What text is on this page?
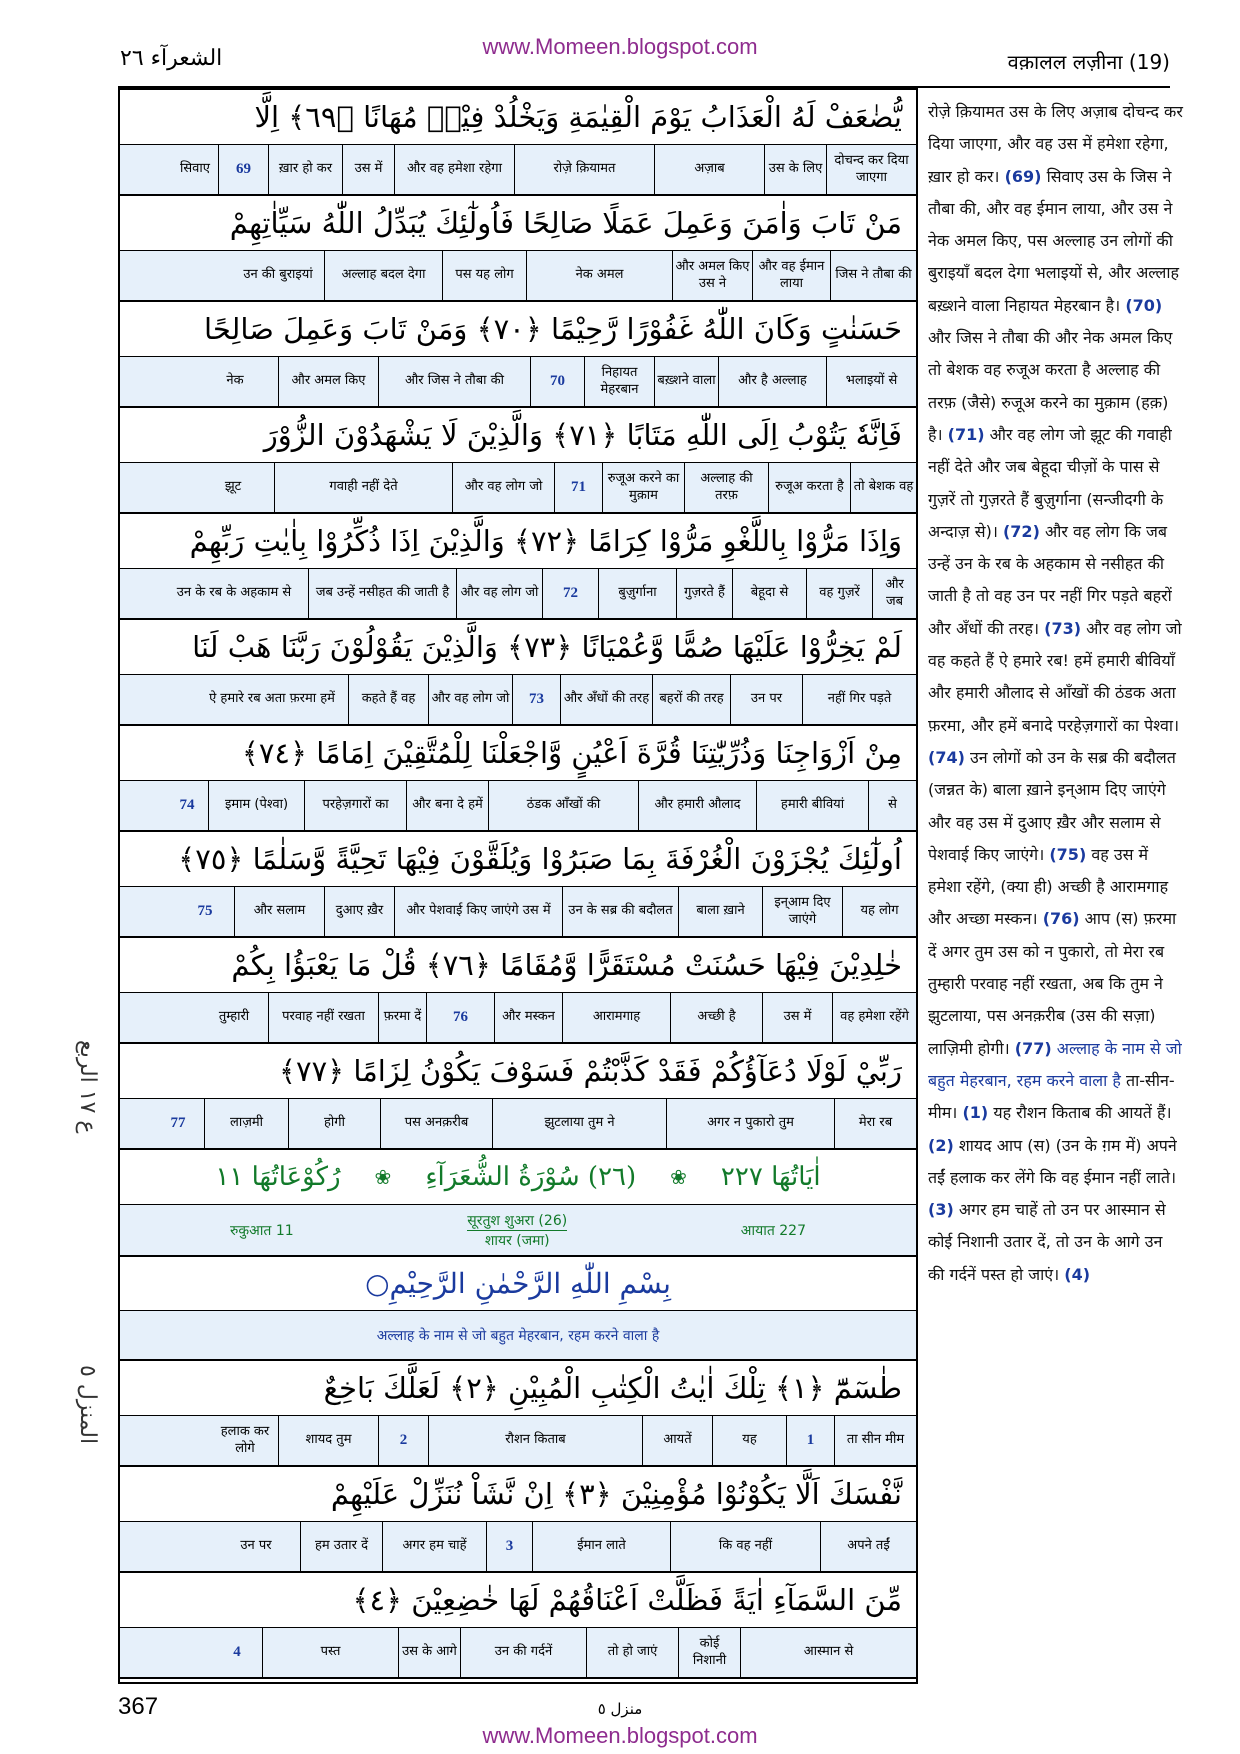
www.Momeen.blogspot.com
الشعرآء ٢٦	वक़ालल लज़ीना (19)
ع ١٧ الربع
المنزل ٥
يُّضٰعَفْ لَهُ الْعَذَابُ يَوْمَ الْقِيٰمَةِ وَيَخْلُدْ فِيْهٖ مُهَانًا ﴿٦٩﴾ اِلَّا
दोचन्द कर दिया जाएगा
उस के लिए
अज़ाब
रोज़े क़ियामत
और वह हमेशा रहेगा
उस में
ख़ार हो कर
69
सिवाए
مَنْ تَابَ وَاٰمَنَ وَعَمِلَ عَمَلًا صَالِحًا فَاُولٰٓئِكَ يُبَدِّلُ اللّٰهُ سَيِّاٰتِهِمْ
जिस ने तौबा की
और वह ईमान लाया
और अमल किए उस ने
नेक अमल
पस यह लोग
अल्लाह बदल देगा
उन की बुराइयां
حَسَنٰتٍ وَكَانَ اللّٰهُ غَفُوْرًا رَّحِيْمًا ﴿٧٠﴾ وَمَنْ تَابَ وَعَمِلَ صَالِحًا
भलाइयों से
और है अल्लाह
बख़्शने वाला
निहायत मेहरबान
70
और जिस ने तौबा की
और अमल किए
नेक
فَاِنَّهٗ يَتُوْبُ اِلَى اللّٰهِ مَتَابًا ﴿٧١﴾ وَالَّذِيْنَ لَا يَشْهَدُوْنَ الزُّوْرَ
तो बेशक वह
रुजूअ करता है
अल्लाह की तरफ़
रुजूअ करने का मुक़ाम
71
और वह लोग जो
गवाही नहीं देते
झूट
وَاِذَا مَرُّوْا بِاللَّغْوِ مَرُّوْا كِرَامًا ﴿٧٢﴾ وَالَّذِيْنَ اِذَا ذُكِّرُوْا بِاٰيٰتِ رَبِّهِمْ
और जब
वह गुज़रें
बेहूदा से
गुज़रते हैं
बुज़ुर्गाना
72
और वह लोग जो
जब उन्हें नसीहत की जाती है
उन के रब के अहकाम से
لَمْ يَخِرُّوْا عَلَيْهَا صُمًّا وَّعُمْيَانًا ﴿٧٣﴾ وَالَّذِيْنَ يَقُوْلُوْنَ رَبَّنَا هَبْ لَنَا
नहीं गिर पड़ते
उन पर
बहरों की तरह
और अँधों की तरह
73
और वह लोग जो
कहते हैं वह
ऐ हमारे रब अता फ़रमा हमें
مِنْ اَزْوَاجِنَا وَذُرِّيّٰتِنَا قُرَّةَ اَعْيُنٍ وَّاجْعَلْنَا لِلْمُتَّقِيْنَ اِمَامًا ﴿٧٤﴾
से
हमारी बीवियां
और हमारी औलाद
ठंडक आँखों की
और बना दे हमें
परहेज़गारों का
इमाम (पेश्वा)
74
اُولٰٓئِكَ يُجْزَوْنَ الْغُرْفَةَ بِمَا صَبَرُوْا وَيُلَقَّوْنَ فِيْهَا تَحِيَّةً وَّسَلٰمًا ﴿٧٥﴾
यह लोग
इन्आम दिए जाएंगे
बाला ख़ाने
उन के सब्र की बदौलत
और पेशवाई किए जाएंगे उस में
दुआए ख़ैर
और सलाम
75
خٰلِدِيْنَ فِيْهَا حَسُنَتْ مُسْتَقَرًّا وَّمُقَامًا ﴿٧٦﴾ قُلْ مَا يَعْبَؤُا بِكُمْ
वह हमेशा रहेंगे
उस में
अच्छी है
आरामगाह
और मस्कन
76
फ़रमा दें
परवाह नहीं रखता
तुम्हारी
رَبِّيْ لَوْلَا دُعَآؤُكُمْ فَقَدْ كَذَّبْتُمْ فَسَوْفَ يَكُوْنُ لِزَامًا ﴿٧٧﴾
मेरा रब
अगर न पुकारो तुम
झुटलाया तुम ने
पस अनक़रीब
होगी
लाज़मी
77
اٰيَاتُهَا ٢٢٧
❀
(٢٦) سُوْرَةُ الشُّعَرَآءِ
❀
رُكُوْعَاتُهَا ١١
आयात 227
(26) सूरतुश शुअरा
शायर (जमा)
रुकुआत 11
بِسْمِ اللّٰهِ الرَّحْمٰنِ الرَّحِيْمِ○
अल्लाह के नाम से जो बहुत मेहरबान, रहम करने वाला है
طٰسٓمّٓ ﴿١﴾ تِلْكَ اٰيٰتُ الْكِتٰبِ الْمُبِيْنِ ﴿٢﴾ لَعَلَّكَ بَاخِعٌ
ता सीन मीम
1
यह
आयतें
रौशन किताब
2
शायद तुम
हलाक कर लोगे
نَّفْسَكَ اَلَّا يَكُوْنُوْا مُؤْمِنِيْنَ ﴿٣﴾ اِنْ نَّشَاْ نُنَزِّلْ عَلَيْهِمْ
अपने तईं
कि वह नहीं
ईमान लाते
3
अगर हम चाहें
हम उतार दें
उन पर
مِّنَ السَّمَآءِ اٰيَةً فَظَلَّتْ اَعْنَاقُهُمْ لَهَا خٰضِعِيْنَ ﴿٤﴾
आस्मान से
कोई निशानी
तो हो जाएं
उन की गर्दनें
उस के आगे
पस्त
4
रोज़े क़ियामत उस के लिए अज़ाब दोचन्द कर दिया जाएगा, और वह उस में हमेशा रहेगा, ख़ार हो कर। (69) सिवाए उस के जिस ने तौबा की, और वह ईमान लाया, और उस ने नेक अमल किए, पस अल्लाह उन लोगों की बुराइयाँ बदल देगा भलाइयों से, और अल्लाह बख़्शने वाला निहायत मेहरबान है। (70) और जिस ने तौबा की और नेक अमल किए तो बेशक वह रुजूअ करता है अल्लाह की तरफ़ (जैसे) रुजूअ करने का मुक़ाम (हक़) है। (71) और वह लोग जो झूट की गवाही नहीं देते और जब बेहूदा चीज़ों के पास से गुज़रें तो गुज़रते हैं बुज़ुर्गाना (सन्जीदगी के अन्दाज़ से)। (72) और वह लोग कि जब उन्हें उन के रब के अहकाम से नसीहत की जाती है तो वह उन पर नहीं गिर पड़ते बहरों और अँधों की तरह। (73) और वह लोग जो वह कहते हैं ऐ हमारे रब! हमें हमारी बीवियाँ और हमारी औलाद से आँखों की ठंडक अता फ़रमा, और हमें बनादे परहेज़गारों का पेश्वा। (74) उन लोगों को उन के सब्र की बदौलत (जन्नत के) बाला ख़ाने इन्आम दिए जाएंगे और वह उस में दुआए ख़ैर और सलाम से पेशवाई किए जाएंगे। (75) वह उस में हमेशा रहेंगे, (क्या ही) अच्छी है आरामगाह और अच्छा मस्कन। (76) आप (स) फ़रमा दें अगर तुम उस को न पुकारो, तो मेरा रब तुम्हारी परवाह नहीं रखता, अब कि तुम ने झुटलाया, पस अनक़रीब (उस की सज़ा) लाज़िमी होगी। (77) अल्लाह के नाम से जो बहुत मेहरबान, रहम करने वाला है ता-सीन-मीम। (1) यह रौशन किताब की आयतें हैं। (2) शायद आप (स) (उन के ग़म में) अपने तईं हलाक कर लेंगे कि वह ईमान नहीं लाते। (3) अगर हम चाहें तो उन पर आस्मान से कोई निशानी उतार दें, तो उन के आगे उन की गर्दनें पस्त हो जाएं। (4)
367	منزل ٥
www.Momeen.blogspot.com
